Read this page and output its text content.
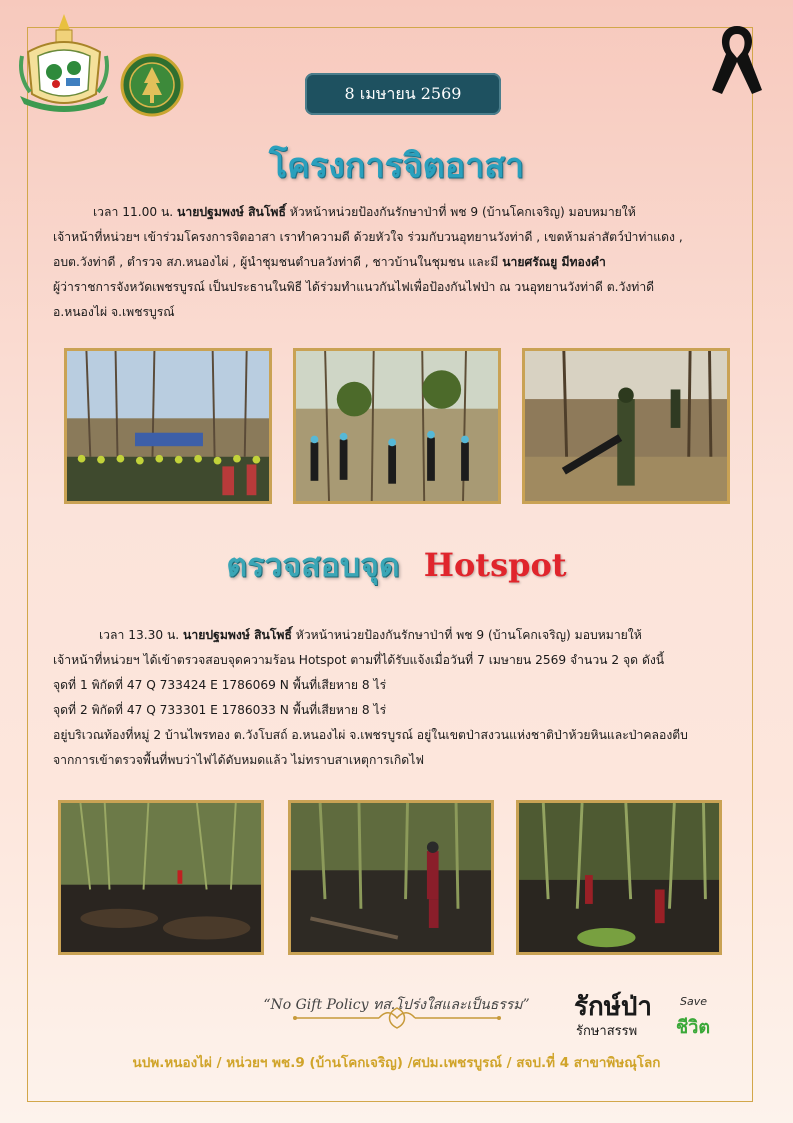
8 เมษายน 2569
โครงการจิตอาสา
เวลา 11.00 น. นายปฐมพงษ์ สินโพธิ์ หัวหน้าหน่วยป้องกันรักษาป่าที่ พช 9 (บ้านโคกเจริญ) มอบหมายให้
เจ้าหน้าที่หน่วยฯ เข้าร่วมโครงการจิตอาสา เราทำความดี ด้วยหัวใจ ร่วมกับวนอุทยานวังท่าดี , เขตห้ามล่าสัตว์ป่าท่าแดง ,
อบต.วังท่าดี , ตำรวจ สภ.หนองไผ่ , ผู้นำชุมชนตำบลวังท่าดี , ชาวบ้านในชุมชน และมี นายศรัณยู มีทองคำ
ผู้ว่าราชการจังหวัดเพชรบูรณ์ เป็นประธานในพิธี ได้ร่วมทำแนวกันไฟเพื่อป้องกันไฟป่า ณ วนอุทยานวังท่าดี ต.วังท่าดี
อ.หนองไผ่ จ.เพชรบูรณ์
ตรวจสอบจุด Hotspot
เวลา 13.30 น. นายปฐมพงษ์ สินโพธิ์ หัวหน้าหน่วยป้องกันรักษาป่าที่ พช 9 (บ้านโคกเจริญ) มอบหมายให้
เจ้าหน้าที่หน่วยฯ ได้เข้าตรวจสอบจุดความร้อน Hotspot ตามที่ได้รับแจ้งเมื่อวันที่ 7 เมษายน 2569 จำนวน 2 จุด ดังนี้
จุดที่ 1 พิกัดที่ 47 Q 733424 E 1786069 N พื้นที่เสียหาย 8 ไร่
จุดที่ 2 พิกัดที่ 47 Q 733301 E 1786033 N พื้นที่เสียหาย 8 ไร่
อยู่บริเวณท้องที่หมู่ 2 บ้านไพรทอง ต.วังโบสถ์ อ.หนองไผ่ จ.เพชรบูรณ์ อยู่ในเขตป่าสงวนแห่งชาติป่าห้วยหินและป่าคลองตีบ
จากการเข้าตรวจพื้นที่พบว่าไฟได้ดับหมดแล้ว ไม่ทราบสาเหตุการเกิดไฟ
“No Gift Policy ทส.โปร่งใสและเป็นธรรม”	รักษ์ป่า
รักษาสรรพ
Save
ชีวิต
นปพ.หนองไผ่ / หน่วยฯ พช.9 (บ้านโคกเจริญ) /ศปม.เพชรบูรณ์ / สจป.ที่ 4 สาขาพิษณุโลก
